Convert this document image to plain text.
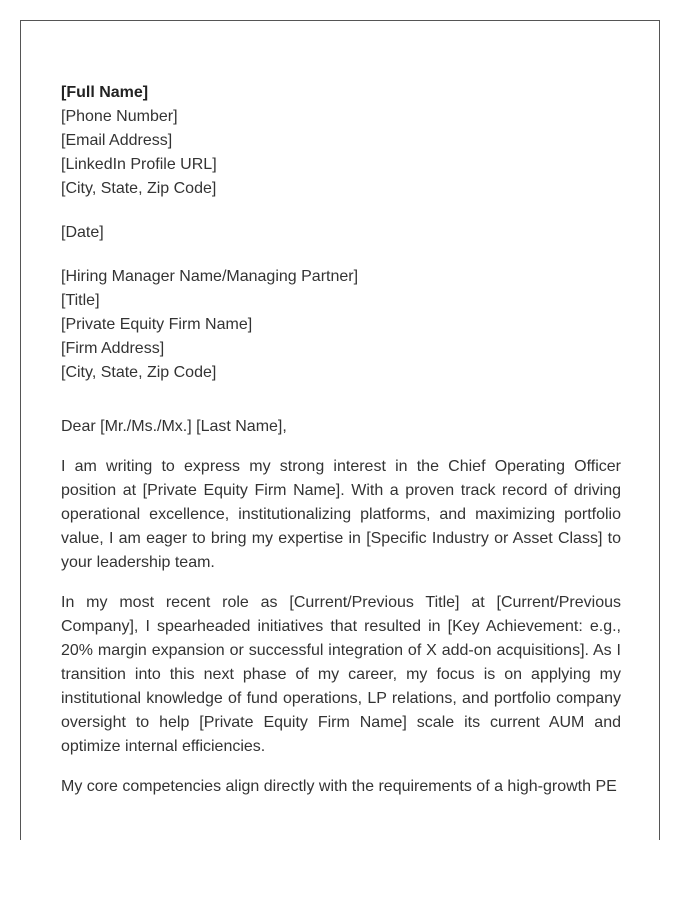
[Full Name]
[Phone Number]
[Email Address]
[LinkedIn Profile URL]
[City, State, Zip Code]
[Date]
[Hiring Manager Name/Managing Partner]
[Title]
[Private Equity Firm Name]
[Firm Address]
[City, State, Zip Code]
Dear [Mr./Ms./Mx.] [Last Name],

I am writing to express my strong interest in the Chief Operating Officer position at [Private Equity Firm Name]. With a proven track record of driving operational excellence, institutionalizing platforms, and maximizing portfolio value, I am eager to bring my expertise in [Specific Industry or Asset Class] to your leadership team.

In my most recent role as [Current/Previous Title] at [Current/Previous Company], I spearheaded initiatives that resulted in [Key Achievement: e.g., 20% margin expansion or successful integration of X add-on acquisitions]. As I transition into this next phase of my career, my focus is on applying my institutional knowledge of fund operations, LP relations, and portfolio company oversight to help [Private Equity Firm Name] scale its current AUM and optimize internal efficiencies.

My core competencies align directly with the requirements of a high-growth PE
